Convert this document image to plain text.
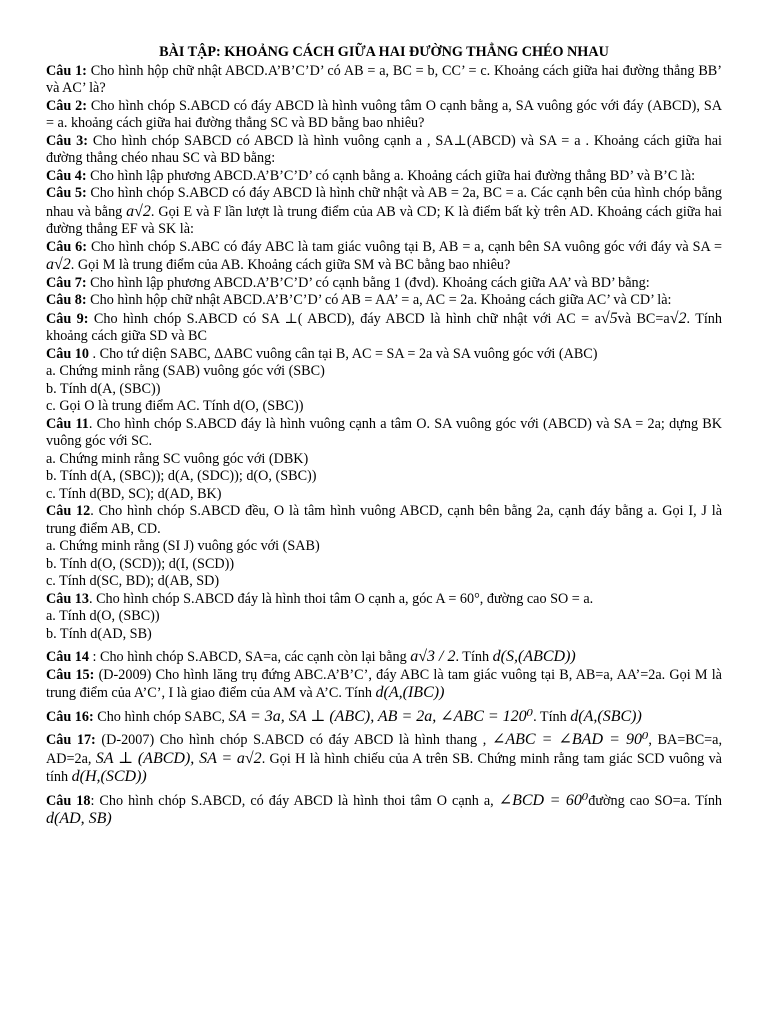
BÀI TẬP: KHOẢNG CÁCH GIỮA HAI ĐƯỜNG THẲNG CHÉO NHAU

Câu 1: Cho hình hộp chữ nhật ABCD.A’B’C’D’ có AB = a, BC = b, CC’ = c. Khoảng cách giữa hai đường thẳng BB’ và AC’ là?

Câu 2: Cho hình chóp S.ABCD có đáy ABCD là hình vuông tâm O cạnh bằng a, SA vuông góc với đáy (ABCD), SA = a. khoảng cách giữa hai đường thẳng SC và BD bằng bao nhiêu?

Câu 3: Cho hình chóp SABCD có ABCD là hình vuông cạnh a , SA⊥(ABCD) và SA = a . Khoảng cách giữa hai đường thẳng chéo nhau SC và BD bằng:

Câu 4: Cho hình lập phương ABCD.A’B’C’D’ có cạnh bằng a. Khoảng cách giữa hai đường thẳng BD’ và B’C là:

Câu 5: Cho hình chóp S.ABCD có đáy ABCD là hình chữ nhật và AB = 2a, BC = a. Các cạnh bên của hình chóp bằng nhau và bằng a√2. Gọi E và F lần lượt là trung điểm của AB và CD; K là điểm bất kỳ trên AD. Khoảng cách giữa hai đường thẳng EF và SK là:

Câu 6: Cho hình chóp S.ABC có đáy ABC là tam giác vuông tại B, AB = a, cạnh bên SA vuông góc với đáy và SA = a√2. Gọi M là trung điểm của AB. Khoảng cách giữa SM và BC bằng bao nhiêu?

Câu 7: Cho hình lập phương ABCD.A’B’C’D’ có cạnh bằng 1 (đvd). Khoảng cách giữa AA’ và BD’ bằng:

Câu 8: Cho hình hộp chữ nhật ABCD.A’B’C’D’ có AB = AA’ = a, AC = 2a. Khoảng cách giữa AC’ và CD’ là:

Câu 9: Cho hình chóp S.ABCD có SA ⊥( ABCD), đáy ABCD là hình chữ nhật với AC = a√5và BC=a√2. Tính khoảng cách giữa SD và BC

Câu 10 . Cho tứ diện SABC, ΔABC vuông cân tại B, AC = SA = 2a và SA vuông góc với (ABC)

a. Chứng minh rằng (SAB) vuông góc với (SBC)

b. Tính d(A, (SBC))

c. Gọi O là trung điểm AC. Tính d(O, (SBC))

Câu 11. Cho hình chóp S.ABCD đáy là hình vuông cạnh a tâm O. SA vuông góc với (ABCD) và SA = 2a; dựng BK vuông góc với SC.

a. Chứng minh rằng SC vuông góc với (DBK)

b. Tính d(A, (SBC)); d(A, (SDC)); d(O, (SBC))

c. Tính d(BD, SC); d(AD, BK)

Câu 12. Cho hình chóp S.ABCD đều, O là tâm hình vuông ABCD, cạnh bên bằng 2a, cạnh đáy bằng a. Gọi I, J là trung điểm AB, CD.

a. Chứng minh rằng (SI J) vuông góc với (SAB)

b. Tính d(O, (SCD)); d(I, (SCD))

c. Tính d(SC, BD); d(AB, SD)

Câu 13. Cho hình chóp S.ABCD đáy là hình thoi tâm O cạnh a, góc A = 60°, đường cao SO = a.

a. Tính d(O, (SBC))

b. Tính d(AD, SB)

Câu 14 : Cho hình chóp S.ABCD, SA=a, các cạnh còn lại bằng a√3 / 2. Tính d(S,(ABCD))

Câu 15: (D-2009) Cho hình lăng trụ đứng ABC.A’B’C’, đáy ABC là tam giác vuông tại B, AB=a, AA’=2a. Gọi M là trung điểm của A’C’, I là giao điểm của AM và A’C. Tính d(A,(IBC))

Câu 16: Cho hình chóp SABC, SA = 3a, SA ⊥ (ABC), AB = 2a, ∠ABC = 120⁰. Tính d(A,(SBC))

Câu 17: (D-2007) Cho hình chóp S.ABCD có đáy ABCD là hình thang , ∠ABC = ∠BAD = 90⁰, BA=BC=a, AD=2a, SA ⊥ (ABCD), SA = a√2. Gọi H là hình chiếu của A trên SB. Chứng minh rằng tam giác SCD vuông và tính d(H,(SCD))

Câu 18: Cho hình chóp S.ABCD, có đáy ABCD là hình thoi tâm O cạnh a, ∠BCD = 60⁰đường cao SO=a. Tính d(AD, SB)
